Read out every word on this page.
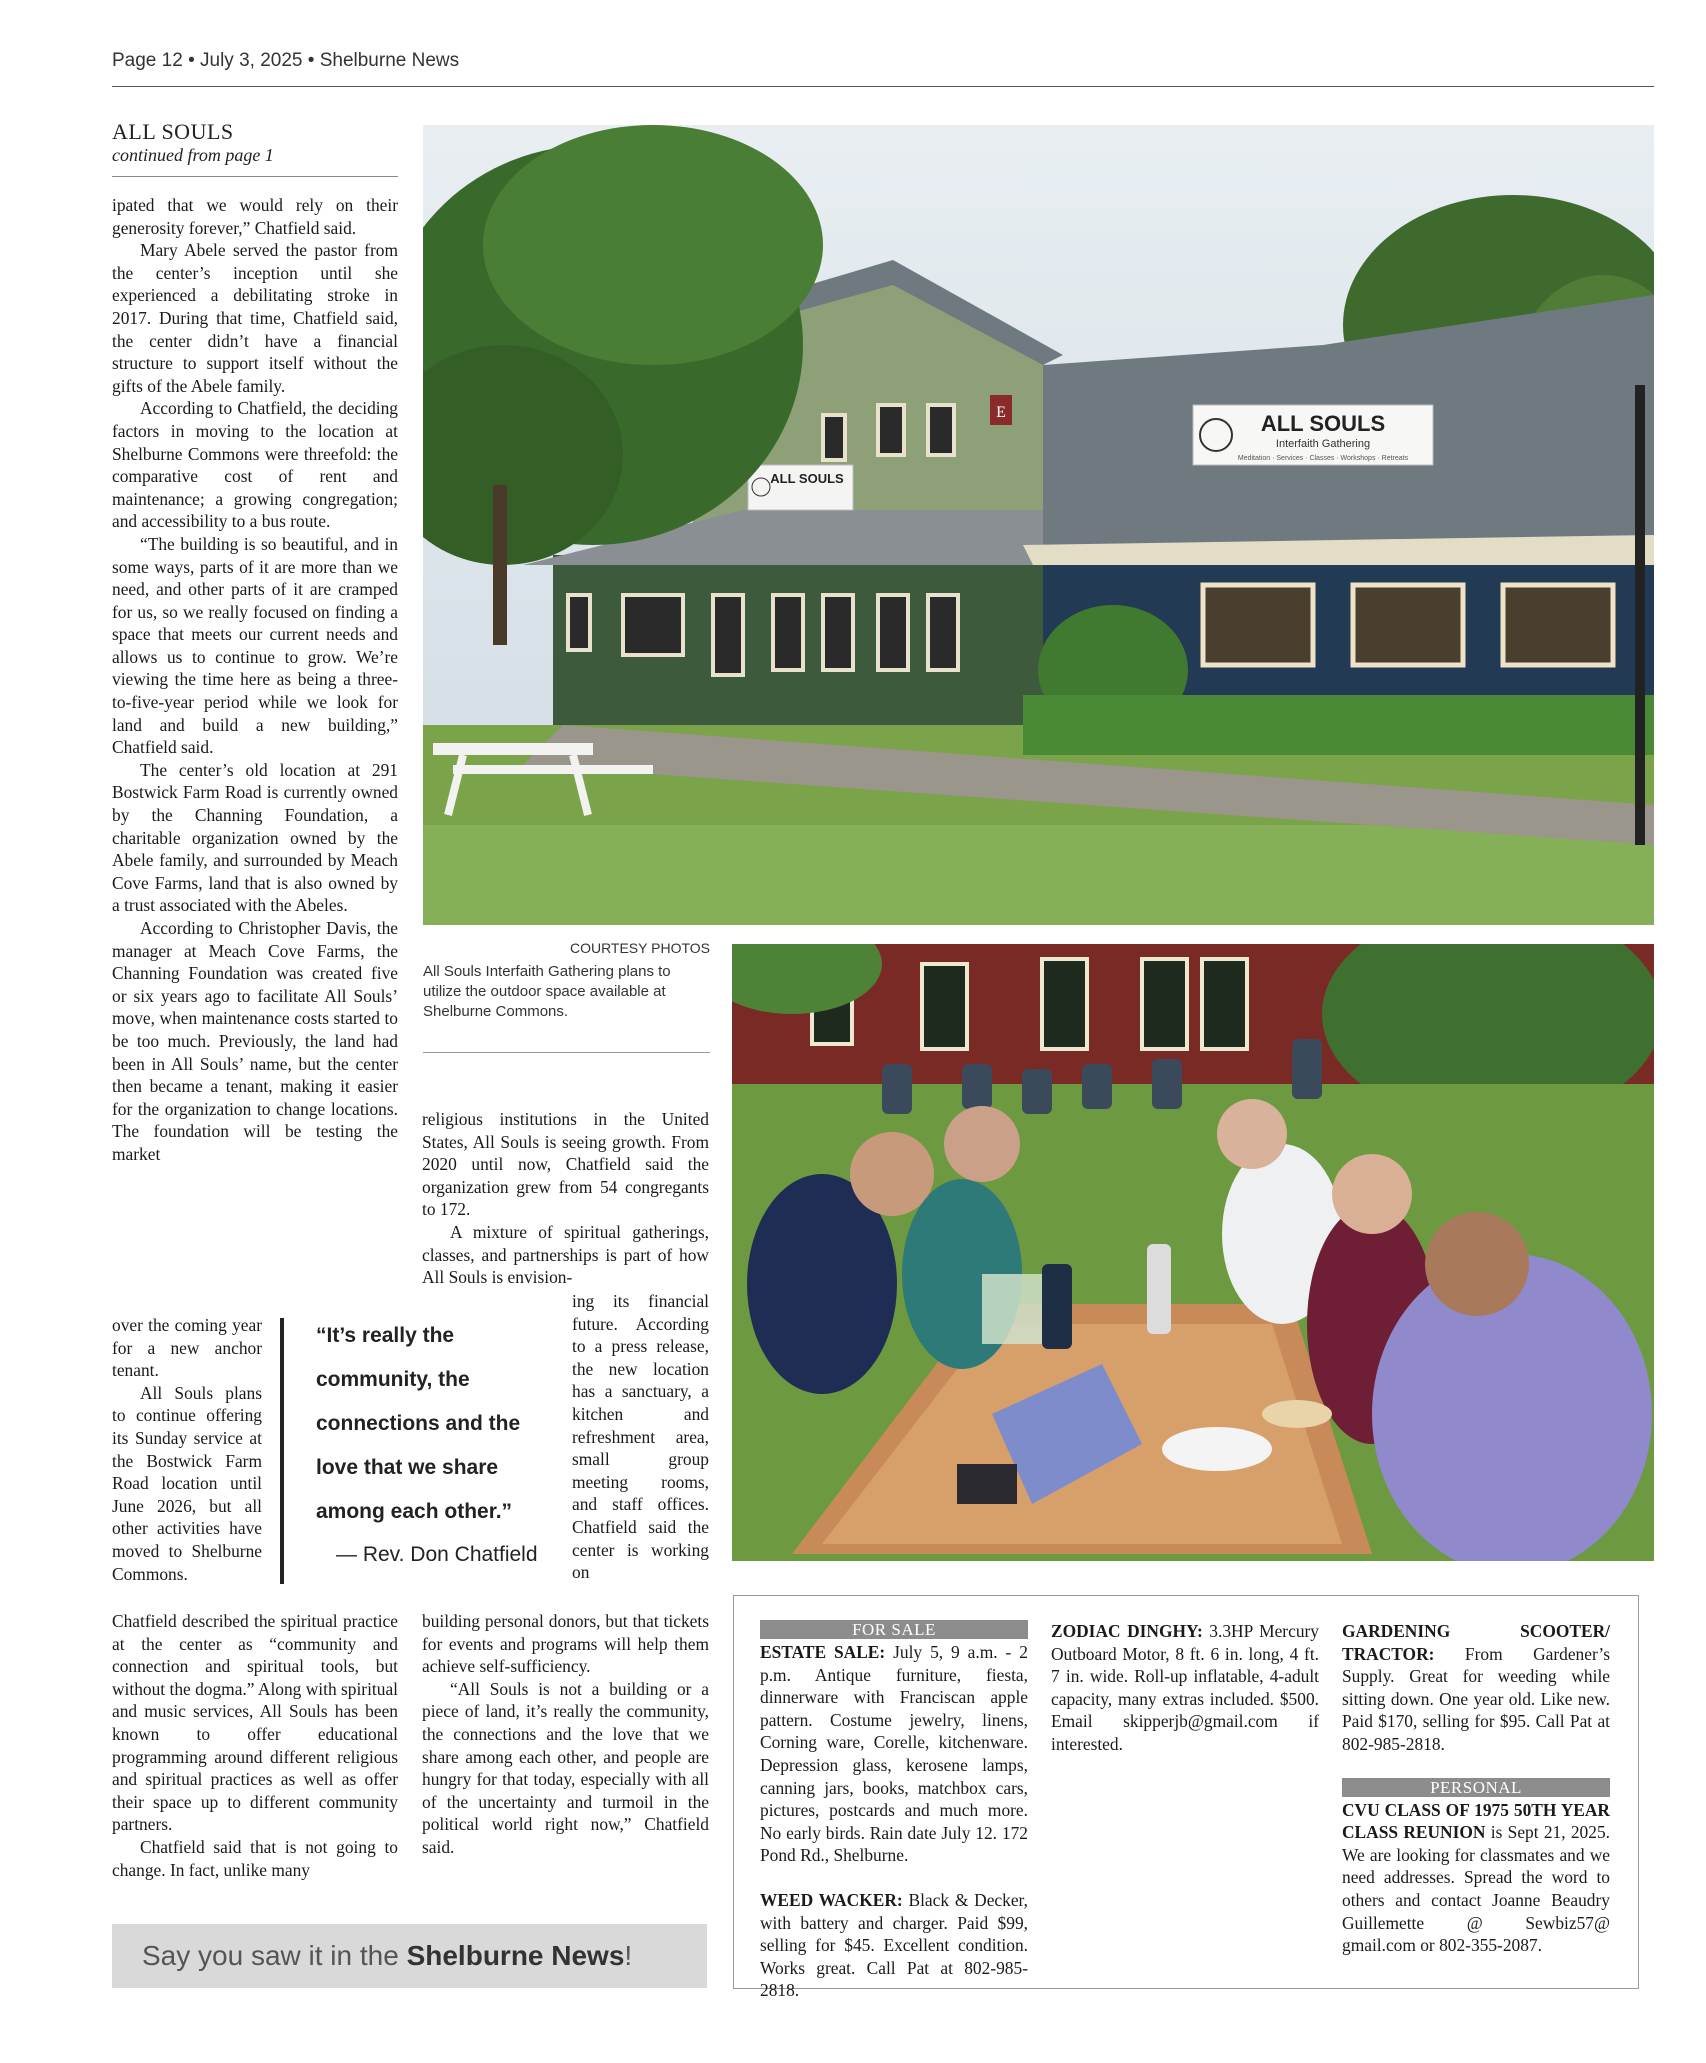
Page 12 • July 3, 2025 • Shelburne News
ALL SOULS
continued from page 1

ipated that we would rely on their generosity forever,” Chatfield said.

Mary Abele served the pastor from the center’s inception until she experienced a debilitating stroke in 2017. During that time, Chatfield said, the center didn’t have a financial structure to support itself without the gifts of the Abele family.

According to Chatfield, the deciding factors in moving to the location at Shelburne Commons were threefold: the comparative cost of rent and maintenance; a growing congregation; and accessibility to a bus route.

“The building is so beautiful, and in some ways, parts of it are more than we need, and other parts of it are cramped for us, so we really focused on finding a space that meets our current needs and allows us to continue to grow. We’re viewing the time here as being a three-to-five-year period while we look for land and build a new building,” Chatfield said.

The center’s old location at 291 Bostwick Farm Road is currently owned by the Channing Foundation, a charitable organization owned by the Abele family, and surrounded by Meach Cove Farms, land that is also owned by a trust associated with the Abeles.

According to Christopher Davis, the manager at Meach Cove Farms, the Channing Foundation was created five or six years ago to facilitate All Souls’ move, when maintenance costs started to be too much. Previously, the land had been in All Souls’ name, but the center then became a tenant, making it easier for the organization to change locations. The foundation will be testing the market

over the coming year for a new anchor tenant.

All Souls plans to continue offering its Sunday service at the Bostwick Farm Road location until June 2026, but all other activities have moved to Shelburne Commons.

Chatfield described the spiritual practice at the center as “community and connection and spiritual tools, but without the dogma.” Along with spiritual and music services, All Souls has been known to offer educational programming around different religious and spiritual practices as well as offer their space up to different community partners.

Chatfield said that is not going to change. In fact, unlike many

“It’s really the community, the connections and the love that we share among each other.”
— Rev. Don Chatfield

religious institutions in the United States, All Souls is seeing growth. From 2020 until now, Chatfield said the organization grew from 54 congregants to 172.

A mixture of spiritual gatherings, classes, and partnerships is part of how All Souls is envision-

ing its financial future. According to a press release, the new location has a sanctuary, a kitchen and refreshment area, small group meeting rooms, and staff offices. Chatfield said the center is working on

building personal donors, but that tickets for events and programs will help them achieve self-sufficiency.

“All Souls is not a building or a piece of land, it’s really the community, the connections and the love that we share among each other, and people are hungry for that today, especially with all of the uncertainty and turmoil in the political world right now,” Chatfield said.

E
ALL SOULS
ALL SOULS
Interfaith Gathering
Meditation · Services · Classes · Workshops · Retreats
COURTESY PHOTOS
All Souls Interfaith Gathering plans to utilize the outdoor space available at Shelburne Commons.
Say you saw it in the Shelburne News!
FOR SALE

ESTATE SALE: July 5, 9 a.m. - 2 p.m. Antique furniture, fiesta, dinnerware with Franciscan apple pattern. Costume jewelry, linens, Corning ware, Corelle, kitchenware. Depression glass, kerosene lamps, canning jars, books, matchbox cars, pictures, postcards and much more. No early birds. Rain date July 12. 172 Pond Rd., Shelburne.

WEED WACKER: Black & Decker, with battery and charger. Paid $99, selling for $45. Excellent condition. Works great. Call Pat at 802-985-2818.

ZODIAC DINGHY: 3.3HP Mercury Outboard Motor, 8 ft. 6 in. long, 4 ft. 7 in. wide. Roll-up inflatable, 4-adult capacity, many extras included. $500. Email skipperjb@gmail.com if interested.

GARDENING SCOOTER/ TRACTOR: From Gardener’s Supply. Great for weeding while sitting down. One year old. Like new. Paid $170, selling for $95. Call Pat at 802-985-2818.

PERSONAL

CVU CLASS OF 1975 50TH YEAR CLASS REUNION is Sept 21, 2025. We are looking for classmates and we need addresses. Spread the word to others and contact Joanne Beaudry Guillemette @ Sewbiz57@ gmail.com or 802-355-2087.
